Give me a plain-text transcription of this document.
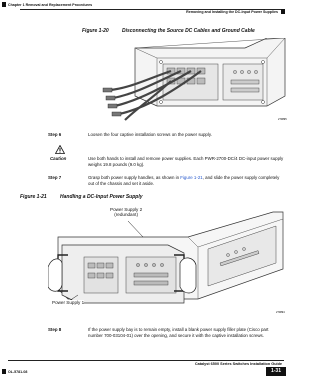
Chapter 1 Removal and Replacement Procedures
Removing and Installing the DC-Input Power Supplies
Figure 1-20	Disconnecting the Source DC Cables and Ground Cable
270895
Step 6	Loosen the four captive installation screws on the power supply.
Caution	Use both hands to install and remove power supplies. Each PWR-2700-DC/4 DC-input power supply weighs 19.8 pounds (9.0 kg).
Step 7	Grasp both power supply handles, as shown in Figure 1-21, and slide the power supply completely out of the chassis and set it aside.
Figure 1-21	Handling a DC-Input Power Supply
270894
Power Supply 2
(redundant)
Power Supply 1
Step 8	If the power supply bay is to remain empty, install a blank power supply filler plate (Cisco part number 700-03104-01) over the opening, and secure it with the captive installation screws.
Catalyst 6500 Series Switches Installation Guide
OL-5781-08	1-31
